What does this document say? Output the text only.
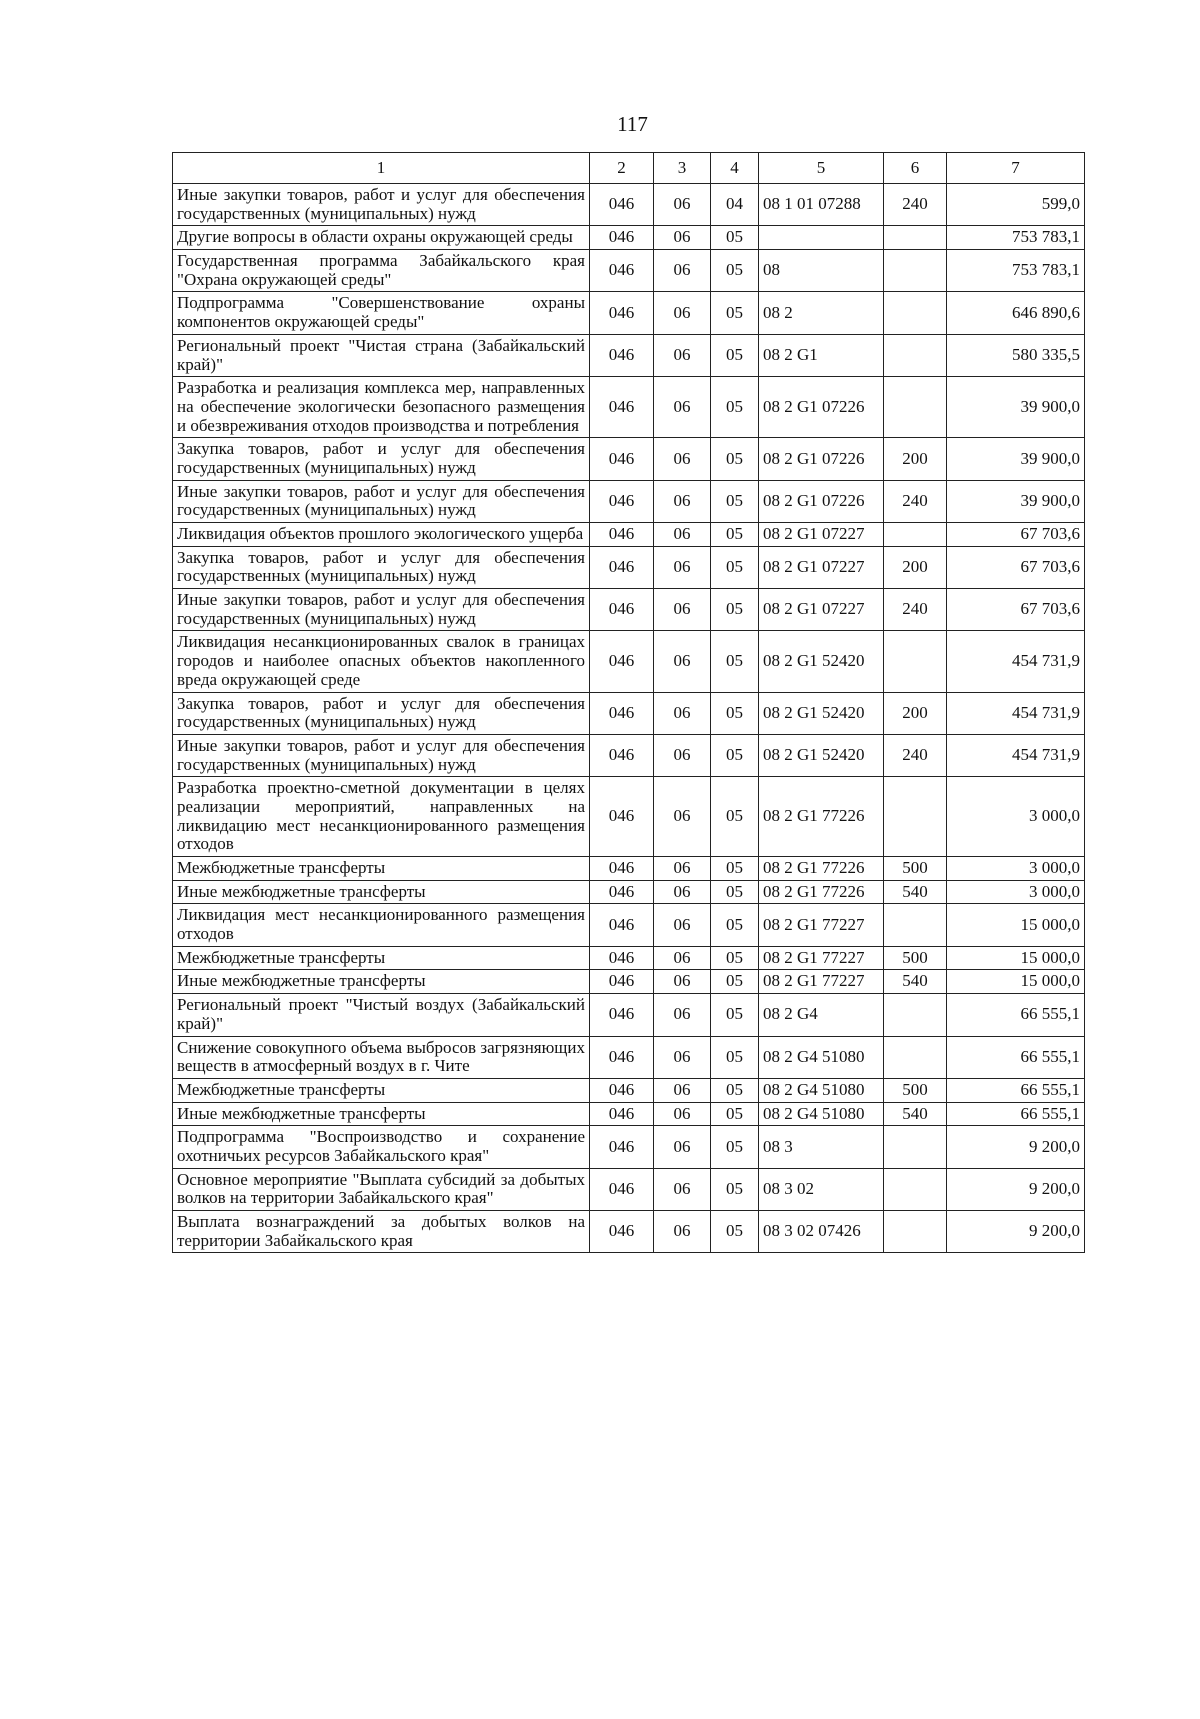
117
1	2	3	4	5	6	7
Иные закупки товаров, работ и услуг для обеспечения государственных (муниципальных) нужд	046	06	04	08 1 01 07288	240	599,0
Другие вопросы в области охраны окружающей среды	046	06	05			753 783,1
Государственная программа Забайкальского края "Охрана окружающей среды"	046	06	05	08		753 783,1
Подпрограмма "Совершенствование охраны компонентов окружающей среды"	046	06	05	08 2		646 890,6
Региональный проект "Чистая страна (Забайкальский край)"	046	06	05	08 2 G1		580 335,5
Разработка и реализация комплекса мер, направленных на обеспечение экологически безопасного размещения и обезвреживания отходов производства и потребления	046	06	05	08 2 G1 07226		39 900,0
Закупка товаров, работ и услуг для обеспечения государственных (муниципальных) нужд	046	06	05	08 2 G1 07226	200	39 900,0
Иные закупки товаров, работ и услуг для обеспечения государственных (муниципальных) нужд	046	06	05	08 2 G1 07226	240	39 900,0
Ликвидация объектов прошлого экологического ущерба	046	06	05	08 2 G1 07227		67 703,6
Закупка товаров, работ и услуг для обеспечения государственных (муниципальных) нужд	046	06	05	08 2 G1 07227	200	67 703,6
Иные закупки товаров, работ и услуг для обеспечения государственных (муниципальных) нужд	046	06	05	08 2 G1 07227	240	67 703,6
Ликвидация несанкционированных свалок в границах городов и наиболее опасных объектов накопленного вреда окружающей среде	046	06	05	08 2 G1 52420		454 731,9
Закупка товаров, работ и услуг для обеспечения государственных (муниципальных) нужд	046	06	05	08 2 G1 52420	200	454 731,9
Иные закупки товаров, работ и услуг для обеспечения государственных (муниципальных) нужд	046	06	05	08 2 G1 52420	240	454 731,9
Разработка проектно-сметной документации в целях реализации мероприятий, направленных на ликвидацию мест несанкционированного размещения отходов	046	06	05	08 2 G1 77226		3 000,0
Межбюджетные трансферты	046	06	05	08 2 G1 77226	500	3 000,0
Иные межбюджетные трансферты	046	06	05	08 2 G1 77226	540	3 000,0
Ликвидация мест несанкционированного размещения отходов	046	06	05	08 2 G1 77227		15 000,0
Межбюджетные трансферты	046	06	05	08 2 G1 77227	500	15 000,0
Иные межбюджетные трансферты	046	06	05	08 2 G1 77227	540	15 000,0
Региональный проект "Чистый воздух (Забайкальский край)"	046	06	05	08 2 G4		66 555,1
Снижение совокупного объема выбросов загрязняющих веществ в атмосферный воздух в г. Чите	046	06	05	08 2 G4 51080		66 555,1
Межбюджетные трансферты	046	06	05	08 2 G4 51080	500	66 555,1
Иные межбюджетные трансферты	046	06	05	08 2 G4 51080	540	66 555,1
Подпрограмма "Воспроизводство и сохранение охотничьих ресурсов Забайкальского края"	046	06	05	08 3		9 200,0
Основное мероприятие "Выплата субсидий за добытых волков на территории Забайкальского края"	046	06	05	08 3 02		9 200,0
Выплата вознаграждений за добытых волков на территории Забайкальского края	046	06	05	08 3 02 07426		9 200,0
